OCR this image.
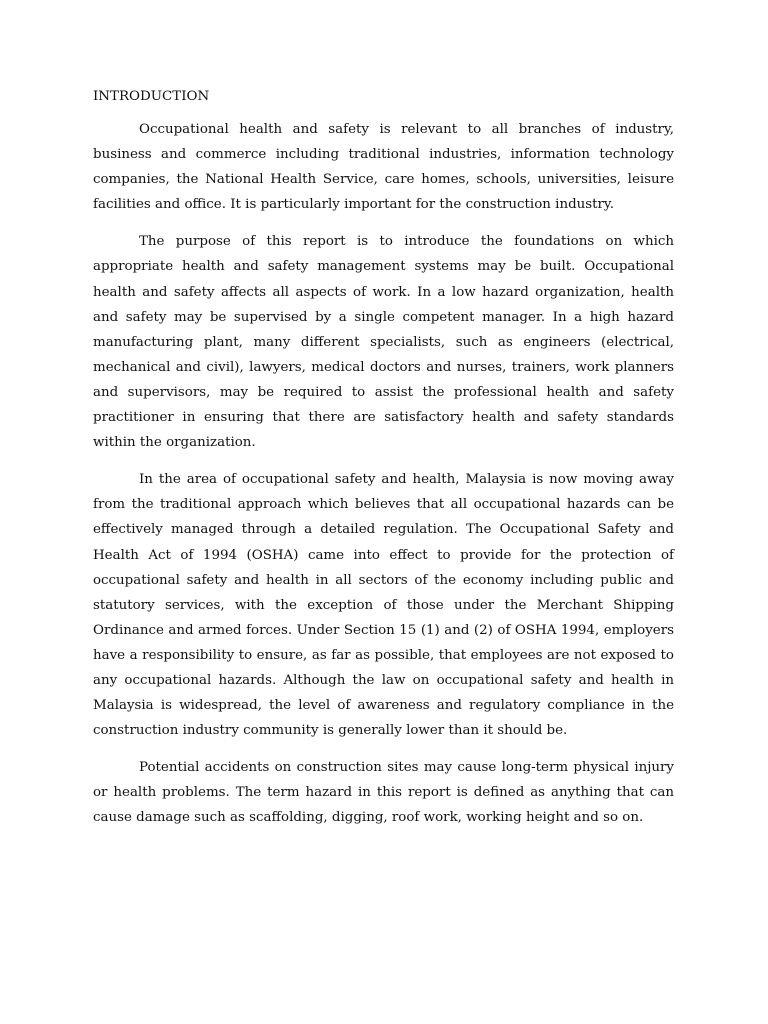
INTRODUCTION

Occupational health and safety is relevant to all branches of industry, business and commerce including traditional industries, information technology companies, the National Health Service, care homes, schools, universities, leisure facilities and office. It is particularly important for the construction industry.

The purpose of this report is to introduce the foundations on which appropriate health and safety management systems may be built. Occupational health and safety affects all aspects of work. In a low hazard organization, health and safety may be supervised by a single competent manager. In a high hazard manufacturing plant, many different specialists, such as engineers (electrical, mechanical and civil), lawyers, medical doctors and nurses, trainers, work planners and supervisors, may be required to assist the professional health and safety practitioner in ensuring that there are satisfactory health and safety standards within the organization.

In the area of occupational safety and health, Malaysia is now moving away from the traditional approach which believes that all occupational hazards can be effectively managed through a detailed regulation. The Occupational Safety and Health Act of 1994 (OSHA) came into effect to provide for the protection of occupational safety and health in all sectors of the economy including public and statutory services, with the exception of those under the Merchant Shipping Ordinance and armed forces. Under Section 15 (1) and (2) of OSHA 1994, employers have a responsibility to ensure, as far as possible, that employees are not exposed to any occupational hazards. Although the law on occupational safety and health in Malaysia is widespread, the level of awareness and regulatory compliance in the construction industry community is generally lower than it should be.

Potential accidents on construction sites may cause long-term physical injury or health problems. The term hazard in this report is defined as anything that can cause damage such as scaffolding, digging, roof work, working height and so on.
